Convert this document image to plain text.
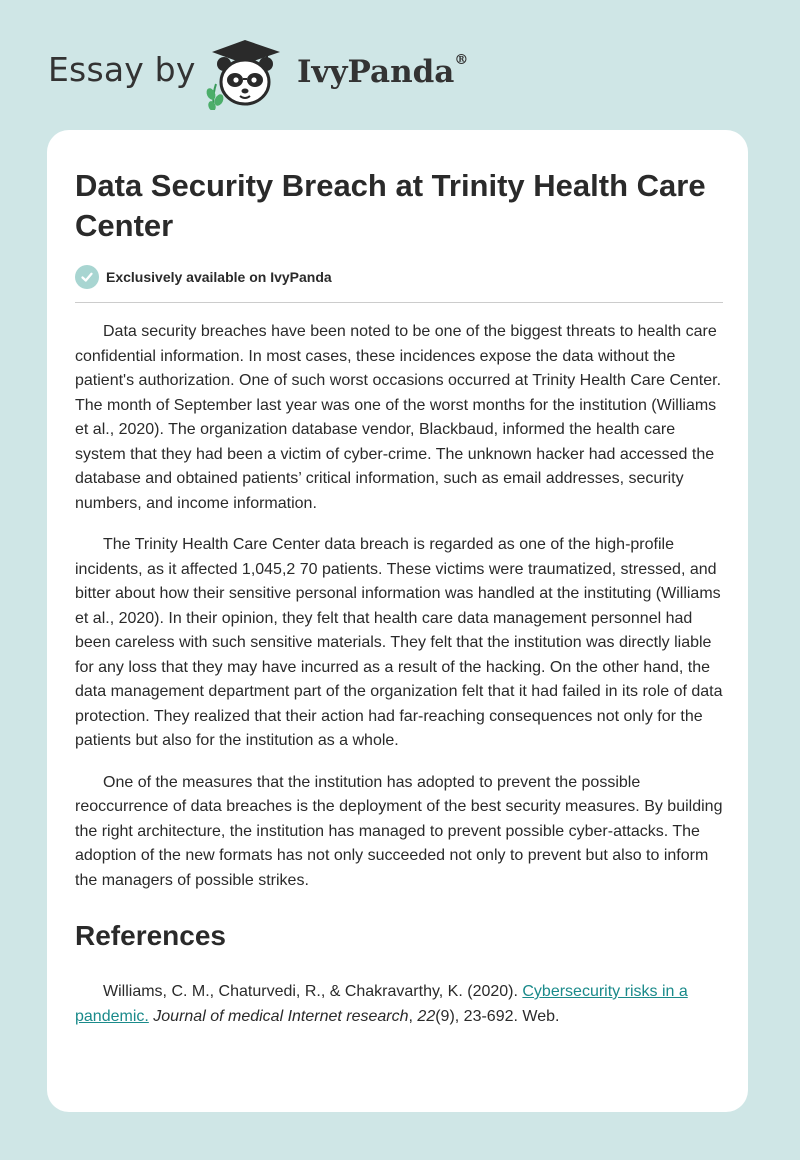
Essay by	IvyPanda®
Data Security Breach at Trinity Health Care Center
Exclusively available on IvyPanda

Data security breaches have been noted to be one of the biggest threats to health care confidential information. In most cases, these incidences expose the data without the patient's authorization. One of such worst occasions occurred at Trinity Health Care Center. The month of September last year was one of the worst months for the institution (Williams et al., 2020). The organization database vendor, Blackbaud, informed the health care system that they had been a victim of cyber-crime. The unknown hacker had accessed the database and obtained patients’ critical information, such as email addresses, security numbers, and income information.

The Trinity Health Care Center data breach is regarded as one of the high-profile incidents, as it affected 1,045,2 70 patients. These victims were traumatized, stressed, and bitter about how their sensitive personal information was handled at the instituting (Williams et al., 2020). In their opinion, they felt that health care data management personnel had been careless with such sensitive materials. They felt that the institution was directly liable for any loss that they may have incurred as a result of the hacking. On the other hand, the data management department part of the organization felt that it had failed in its role of data protection. They realized that their action had far-reaching consequences not only for the patients but also for the institution as a whole.

One of the measures that the institution has adopted to prevent the possible reoccurrence of data breaches is the deployment of the best security measures. By building the right architecture, the institution has managed to prevent possible cyber-attacks. The adoption of the new formats has not only succeeded not only to prevent but also to inform the managers of possible strikes.

References

Williams, C. M., Chaturvedi, R., & Chakravarthy, K. (2020). Cybersecurity risks in a pandemic. Journal of medical Internet research, 22(9), 23-692. Web.
